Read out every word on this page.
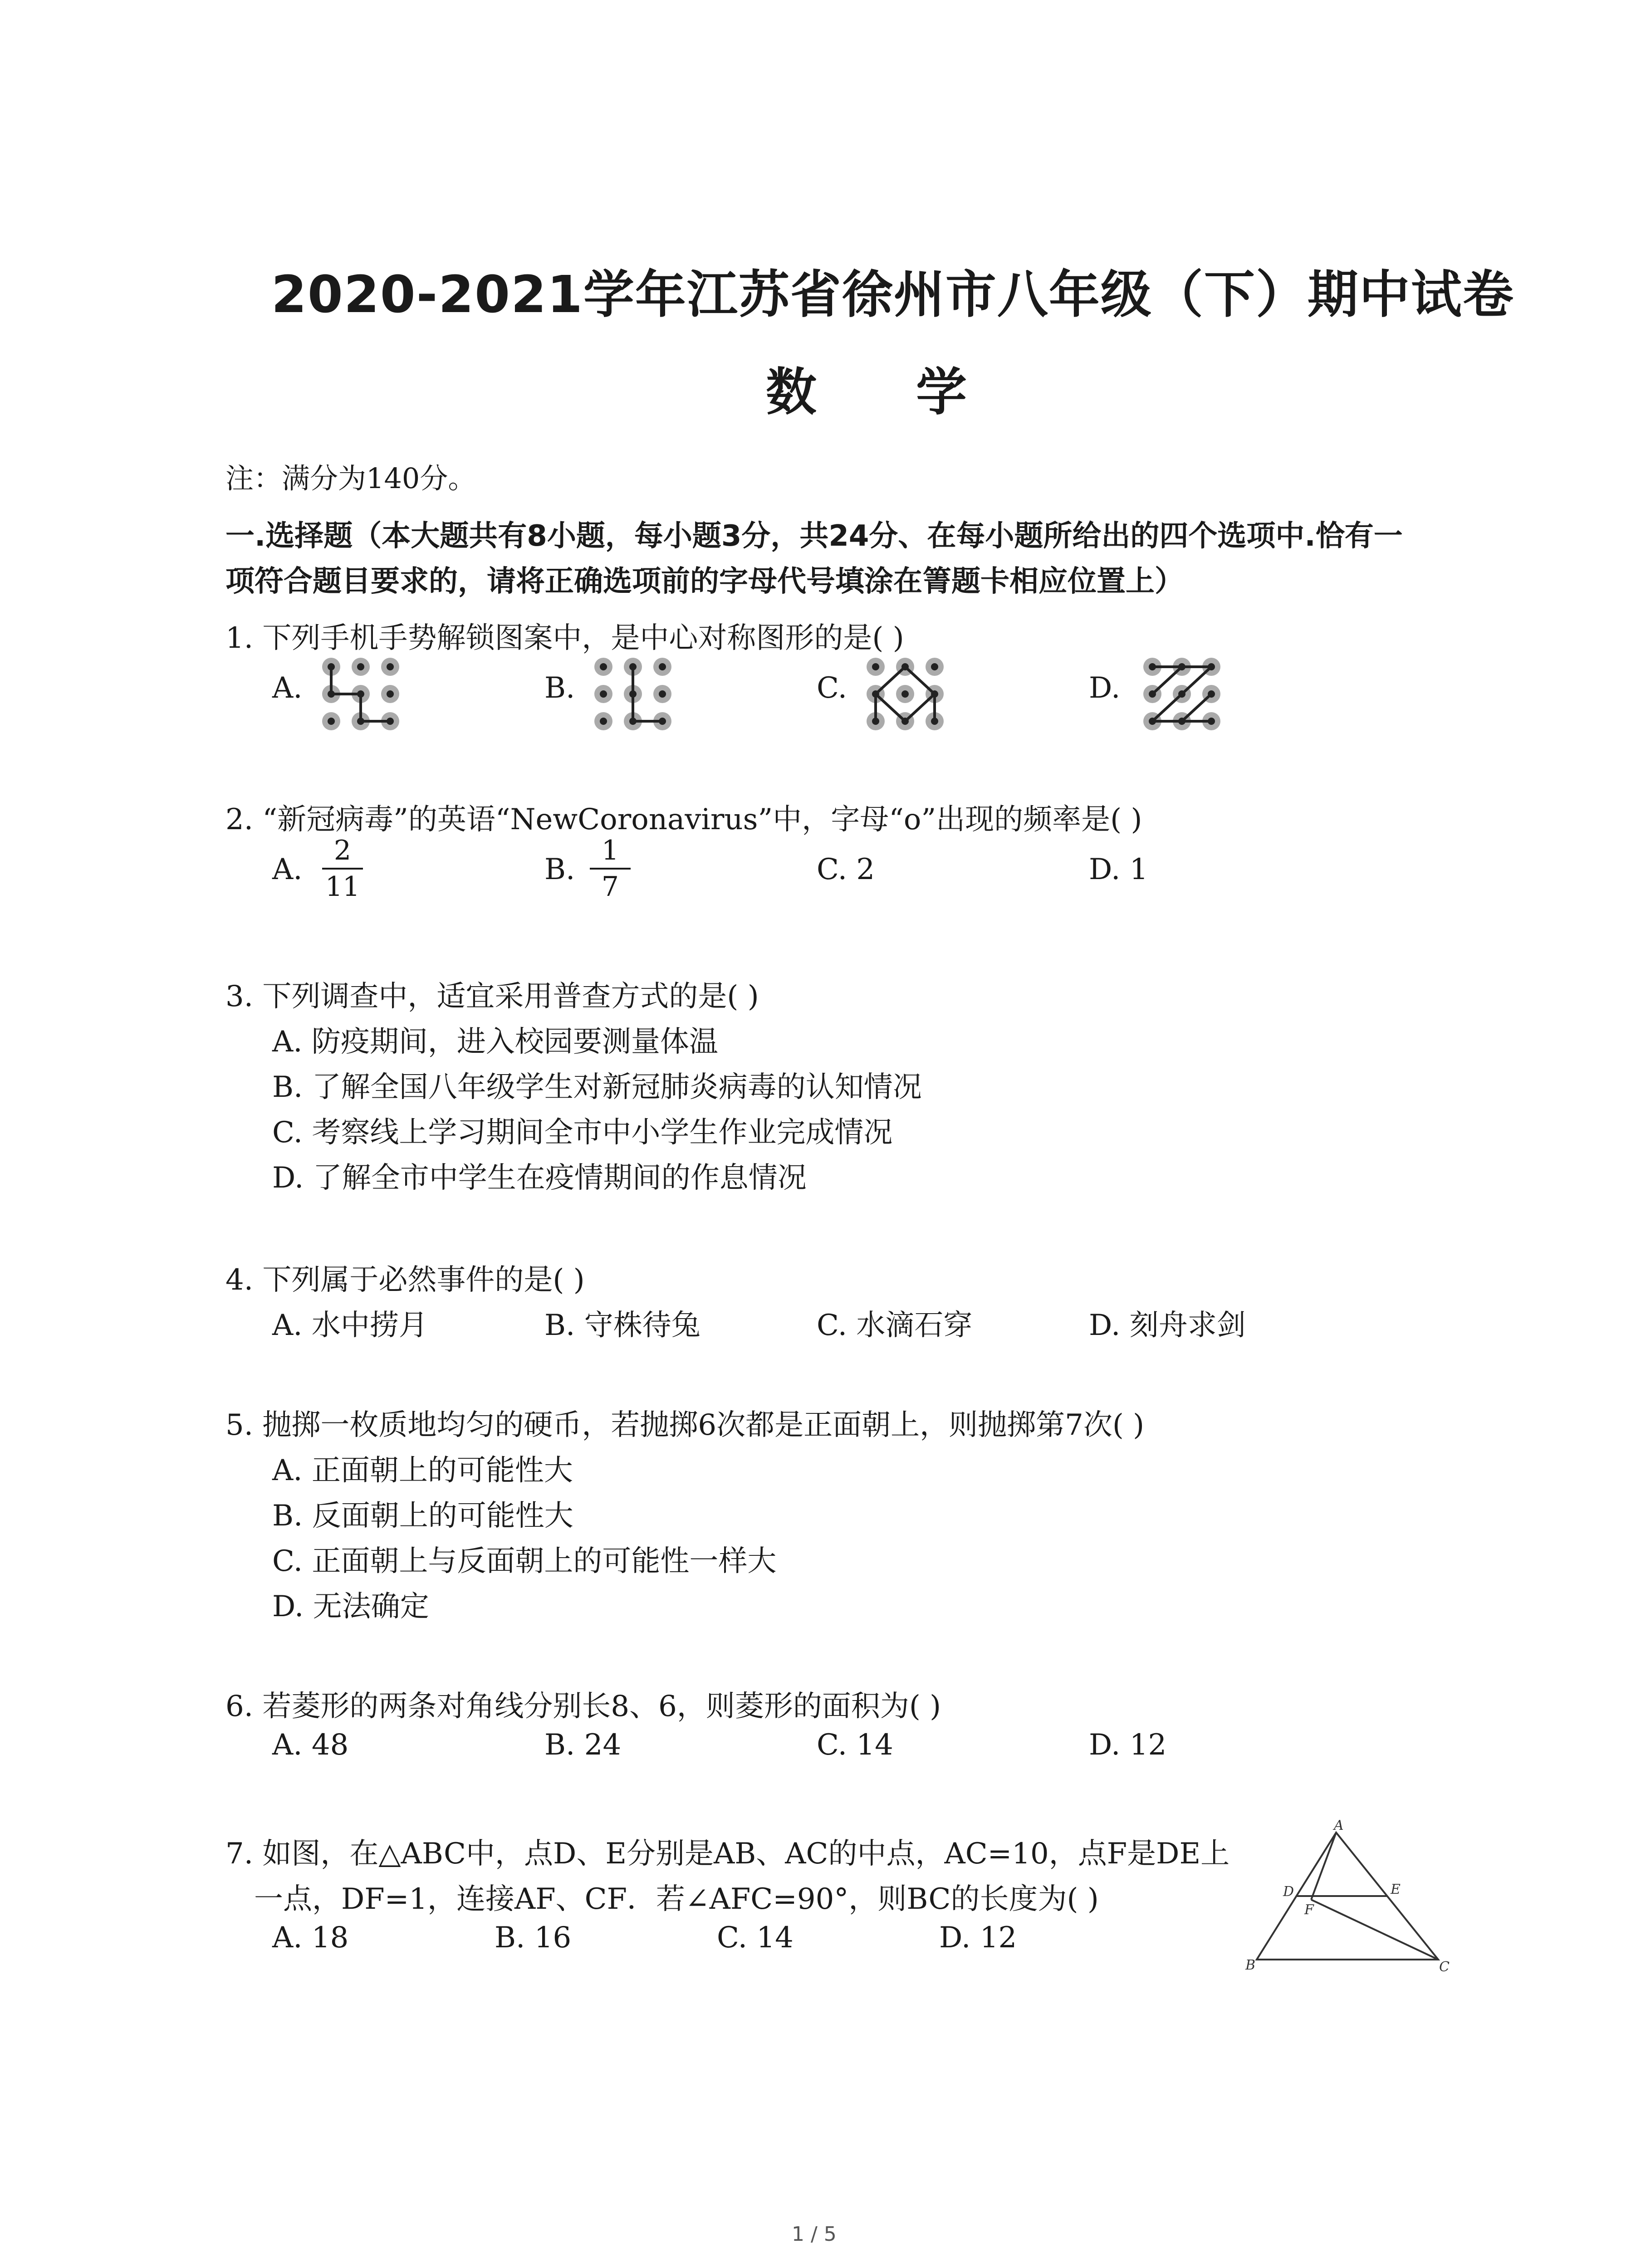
2020-2021学年江苏省徐州市八年级（下）期中试卷
数 学
注：满分为140分。
一.选择题（本大题共有8小题，每小题3分，共24分、在每小题所给出的四个选项中.恰有一
项符合题目要求的，请将正确选项前的字母代号填涂在箐题卡相应位置上）
1. 下列手机手势解锁图案中，是中心对称图形的是( )
A.	B.	C.	D.
2. “新冠病毒”的英语“NewCoronavirus”中，字母“o”出现的频率是( )
A.
2
11
B.
1
7
C. 2	D. 1
3. 下列调查中，适宜采用普查方式的是( )
A. 防疫期间，进入校园要测量体温
B. 了解全国八年级学生对新冠肺炎病毒的认知情况
C. 考察线上学习期间全市中小学生作业完成情况
D. 了解全市中学生在疫情期间的作息情况
4. 下列属于必然事件的是( )
A. 水中捞月	B. 守株待兔	C. 水滴石穿	D. 刻舟求剑
5. 抛掷一枚质地均匀的硬币，若抛掷6次都是正面朝上，则抛掷第7次( )
A. 正面朝上的可能性大
B. 反面朝上的可能性大
C. 正面朝上与反面朝上的可能性一样大
D. 无法确定
6. 若菱形的两条对角线分别长8、6，则菱形的面积为( )
A. 48	B. 24	C. 14	D. 12
7. 如图，在△ABC中，点D、E分别是AB、AC的中点，AC=10，点F是DE上
一点，DF=1，连接AF、CF．若∠AFC=90°，则BC的长度为( )
A. 18	B. 16	C. 14	D. 12
A
D	E
F
B	C
1 / 5
